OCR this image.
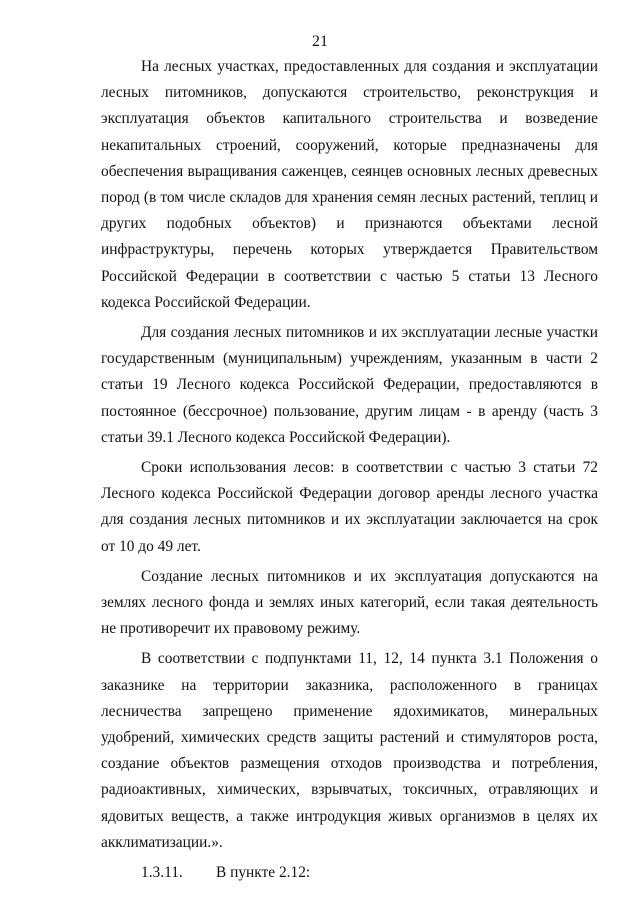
21

На лесных участках, предоставленных для создания и эксплуатации лесных питомников, допускаются строительство, реконструкция и эксплуатация объектов капитального строительства и возведение некапитальных строений, сооружений, которые предназначены для обеспечения выращивания саженцев, сеянцев основных лесных древесных пород (в том числе складов для хранения семян лесных растений, теплиц и других подобных объектов) и признаются объектами лесной инфраструктуры, перечень которых утверждается Правительством Российской Федерации в соответствии с частью 5 статьи 13 Лесного кодекса Российской Федерации.

Для создания лесных питомников и их эксплуатации лесные участки государственным (муниципальным) учреждениям, указанным в части 2 статьи 19 Лесного кодекса Российской Федерации, предоставляются в постоянное (бессрочное) пользование, другим лицам - в аренду (часть 3 статьи 39.1 Лесного кодекса Российской Федерации).

Сроки использования лесов: в соответствии с частью 3 статьи 72 Лесного кодекса Российской Федерации договор аренды лесного участка для создания лесных питомников и их эксплуатации заключается на срок от 10 до 49 лет.

Создание лесных питомников и их эксплуатация допускаются на землях лесного фонда и землях иных категорий, если такая деятельность не противоречит их правовому режиму.

В соответствии с подпунктами 11, 12, 14 пункта 3.1 Положения о заказнике на территории заказника, расположенного в границах лесничества запрещено применение ядохимикатов, минеральных удобрений, химических средств защиты растений и стимуляторов роста, создание объектов размещения отходов производства и потребления, радиоактивных, химических, взрывчатых, токсичных, отравляющих и ядовитых веществ, а также интродукция живых организмов в целях их акклиматизации.».

1.3.11. В пункте 2.12:
